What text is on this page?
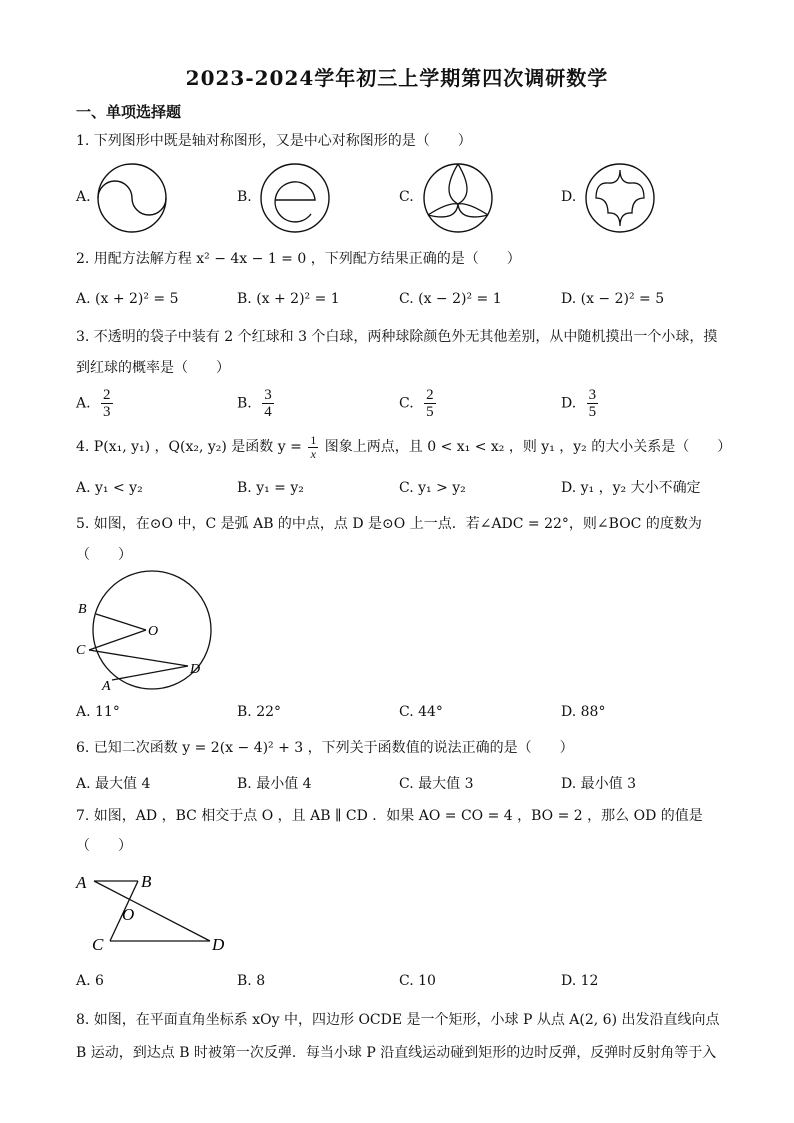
2023-2024学年初三上学期第四次调研数学
一、单项选择题
1. 下列图形中既是轴对称图形，又是中心对称图形的是（　　）
A.	B.	C.	D.
2. 用配方法解方程 x² − 4x − 1 = 0 ，下列配方结果正确的是（　　）
A. (x + 2)² = 5	B. (x + 2)² = 1	C. (x − 2)² = 1	D. (x − 2)² = 5
3. 不透明的袋子中装有 2 个红球和 3 个白球，两种球除颜色外无其他差别，从中随机摸出一个小球，摸
到红球的概率是（　　）
A. $\frac{2}{3}$	B. $\frac{3}{4}$	C. $\frac{2}{5}$	D. $\frac{3}{5}$
4. P(x₁, y₁) ，Q(x₂, y₂) 是函数 $y = \frac{1}{x}$ 图象上两点，且 0 < x₁ < x₂ ，则 y₁ ，y₂ 的大小关系是（　　）
A. y₁ < y₂	B. y₁ = y₂	C. y₁ > y₂	D. y₁ ，y₂ 大小不确定
5. 如图，在⊙O 中，C 是弧 AB 的中点，点 D 是⊙O 上一点．若∠ADC = 22°，则∠BOC 的度数为
（　　）
B
O
C
D
A
A. 11°	B. 22°	C. 44°	D. 88°
6. 已知二次函数 y = 2(x − 4)² + 3 ，下列关于函数值的说法正确的是（　　）
A. 最大值 4	B. 最小值 4	C. 最大值 3	D. 最小值 3
7. 如图，AD ，BC 相交于点 O ，且 AB ∥ CD ．如果 AO = CO = 4 ，BO = 2 ，那么 OD 的值是
（　　）
A	B
O
C	D
A. 6	B. 8	C. 10	D. 12
8. 如图，在平面直角坐标系 xOy 中，四边形 OCDE 是一个矩形，小球 P 从点 A(2, 6) 出发沿直线向点
B 运动，到达点 B 时被第一次反弹．每当小球 P 沿直线运动碰到矩形的边时反弹，反弹时反射角等于入
